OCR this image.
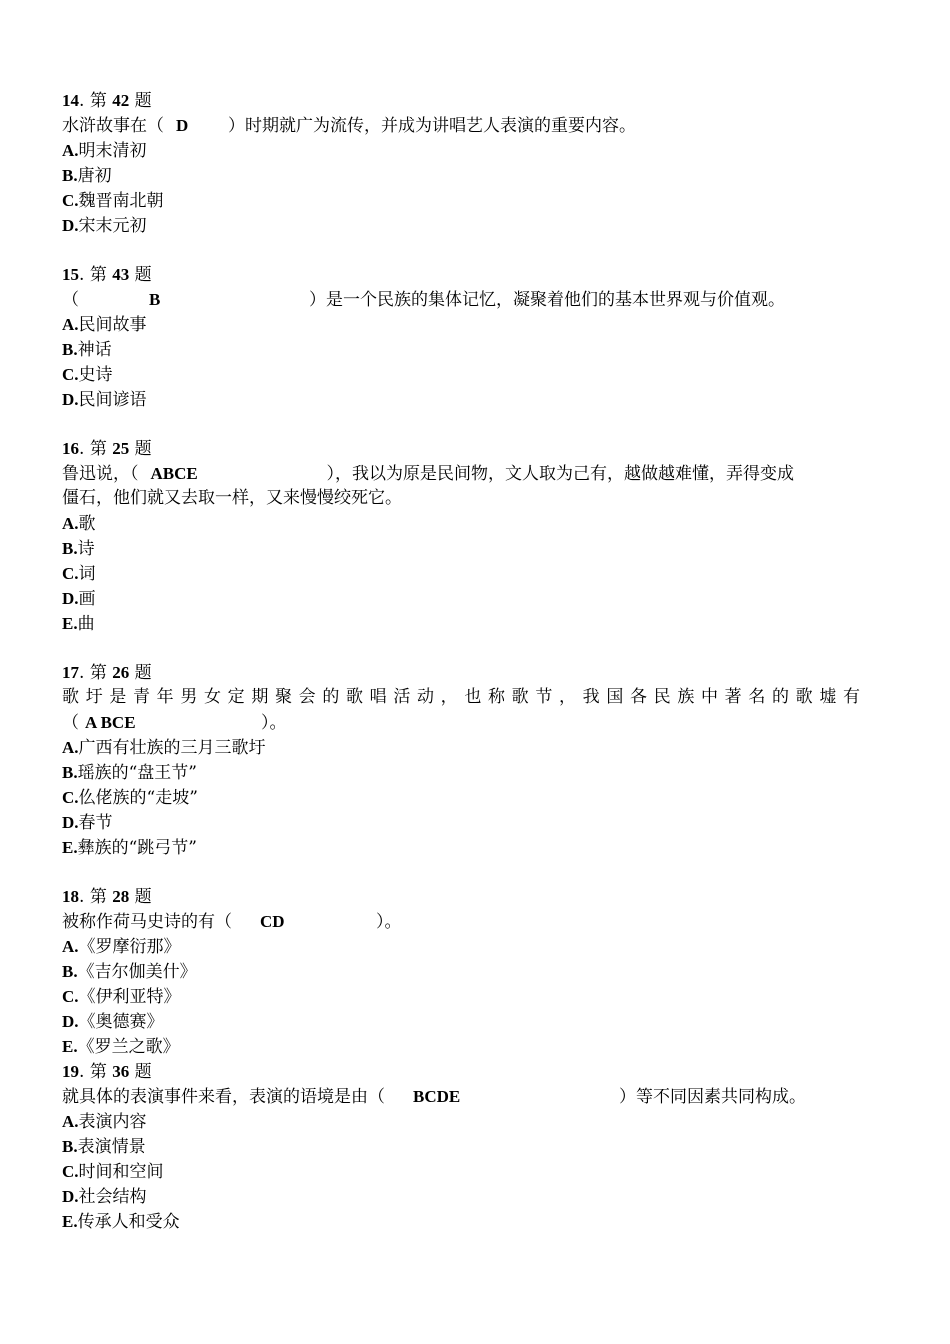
14. 第 42 题
水浒故事在（ D ）时期就广为流传，并成为讲唱艺人表演的重要内容。
A.明末清初
B.唐初
C.魏晋南北朝
D.宋末元初
15. 第 43 题
（	B	）是一个民族的集体记忆，凝聚着他们的基本世界观与价值观。
A.民间故事
B.神话
C.史诗
D.民间谚语
16. 第 25 题
鲁迅说，（ ABCE	），我以为原是民间物，文人取为己有，越做越难懂，弄得变成
僵石，他们就又去取一样，又来慢慢绞死它。
A.歌
B.诗
C.词
D.画
E.曲
17. 第 26 题
歌圩是青年男女定期聚会的歌唱活动，也称歌节，我国各民族中著名的歌墟有
（ A BCE	）。
A.广西有壮族的三月三歌圩
B.瑶族的“盘王节”
C.仫佬族的“走坡”
D.春节
E.彝族的“跳弓节”
18. 第 28 题
被称作荷马史诗的有（ CD	）。
A.《罗摩衍那》
B.《吉尔伽美什》
C.《伊利亚特》
D.《奥德赛》
E.《罗兰之歌》
19. 第 36 题
就具体的表演事件来看，表演的语境是由（ BCDE	）等不同因素共同构成。
A.表演内容
B.表演情景
C.时间和空间
D.社会结构
E.传承人和受众
